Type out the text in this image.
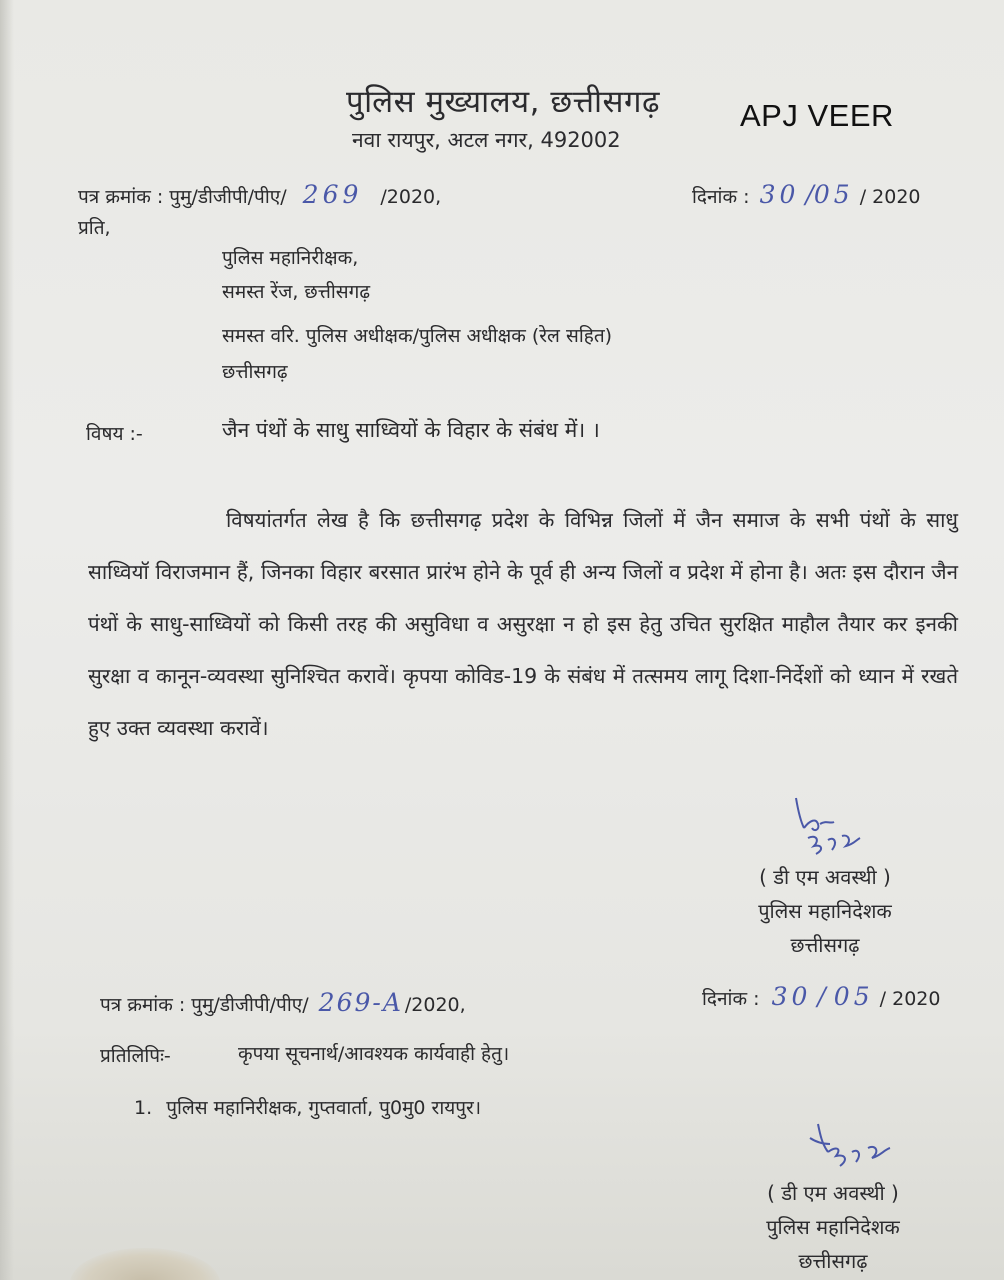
पुलिस मुख्यालय, छत्तीसगढ़
नवा रायपुर, अटल नगर, 492002
APJ VEER
पत्र क्रमांक : पुमु/डीजीपी/पीए/ 269 /2020,	दिनांक : 30 /05 / 2020
प्रति,
पुलिस महानिरीक्षक,
समस्त रेंज, छत्तीसगढ़
समस्त वरि. पुलिस अधीक्षक/पुलिस अधीक्षक (रेल सहित)
छत्तीसगढ़
विषय :-	जैन पंथों के साधु साध्वियों के विहार के संबंध में। ।

विषयांतर्गत लेख है कि छत्तीसगढ़ प्रदेश के विभिन्न जिलों में जैन समाज के सभी पंथों के साधु साध्वियॉ विराजमान हैं, जिनका विहार बरसात प्रारंभ होने के पूर्व ही अन्य जिलों व प्रदेश में होना है। अतः इस दौरान जैन पंथों के साधु-साध्वियों को किसी तरह की असुविधा व असुरक्षा न हो इस हेतु उचित सुरक्षित माहौल तैयार कर इनकी सुरक्षा व कानून-व्यवस्था सुनिश्चित करावें। कृपया कोविड-19 के संबंध में तत्समय लागू दिशा-निर्देशों को ध्यान में रखते हुए उक्त व्यवस्था करावें।

( डी एम अवस्थी )
पुलिस महानिदेशक
छत्तीसगढ़
पत्र क्रमांक : पुमु/डीजीपी/पीए/ 269-A /2020,	दिनांक : 30 / 05 / 2020
प्रतिलिपिः-	कृपया सूचनार्थ/आवश्यक कार्यवाही हेतु।
1. पुलिस महानिरीक्षक, गुप्तवार्ता, पु0मु0 रायपुर।
( डी एम अवस्थी )
पुलिस महानिदेशक
छत्तीसगढ़
